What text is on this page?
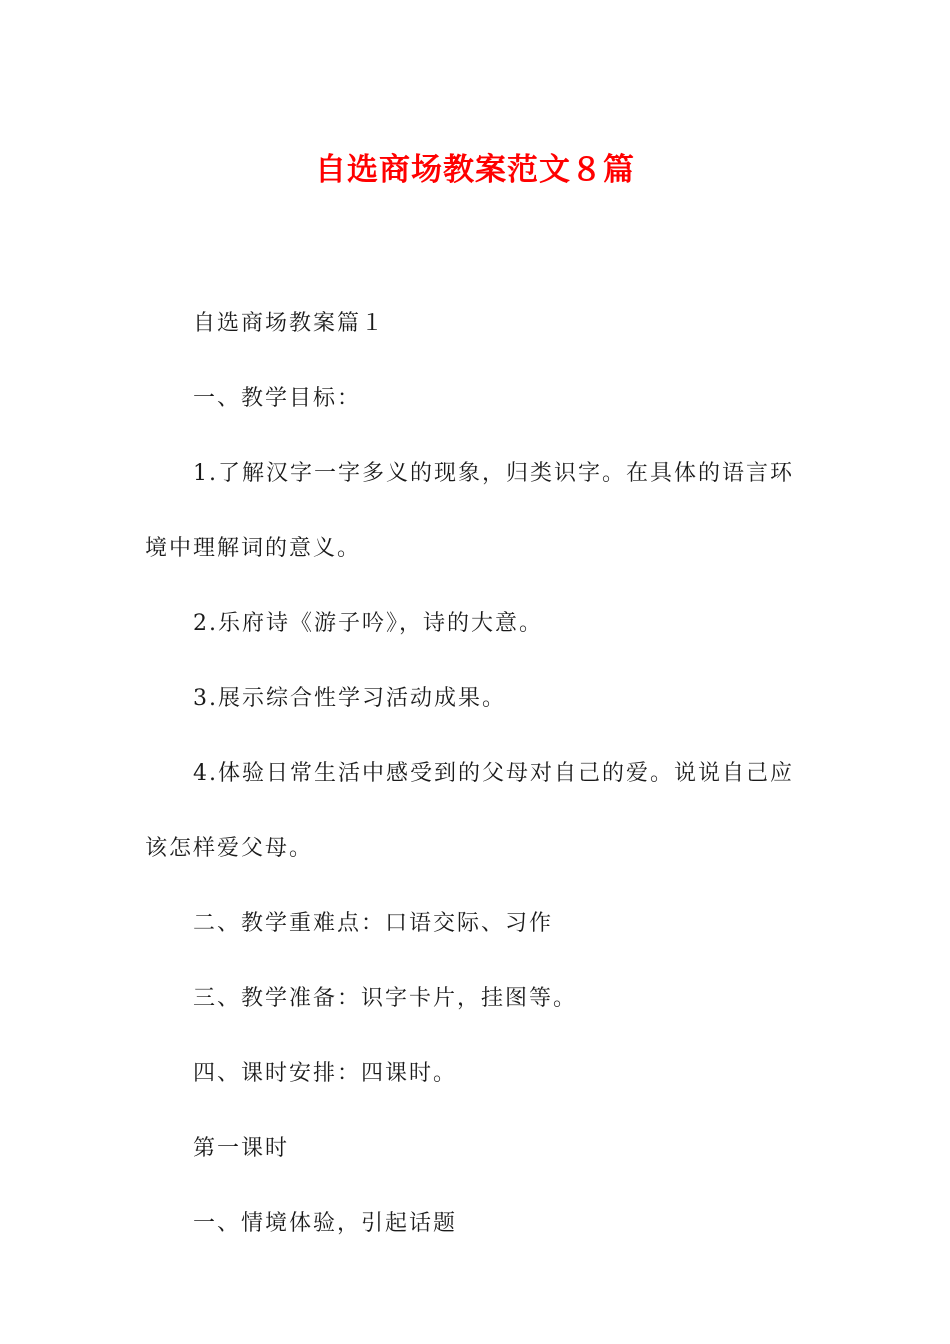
自选商场教案范文８篇

自选商场教案篇１

一、教学目标：

1.了解汉字一字多义的现象，归类识字。在具体的语言环境中理解词的意义。

2.乐府诗《游子吟》，诗的大意。

3.展示综合性学习活动成果。

4.体验日常生活中感受到的父母对自己的爱。说说自己应该怎样爱父母。

二、教学重难点：口语交际、习作

三、教学准备：识字卡片，挂图等。

四、课时安排：四课时。

第一课时

一、情境体验，引起话题
